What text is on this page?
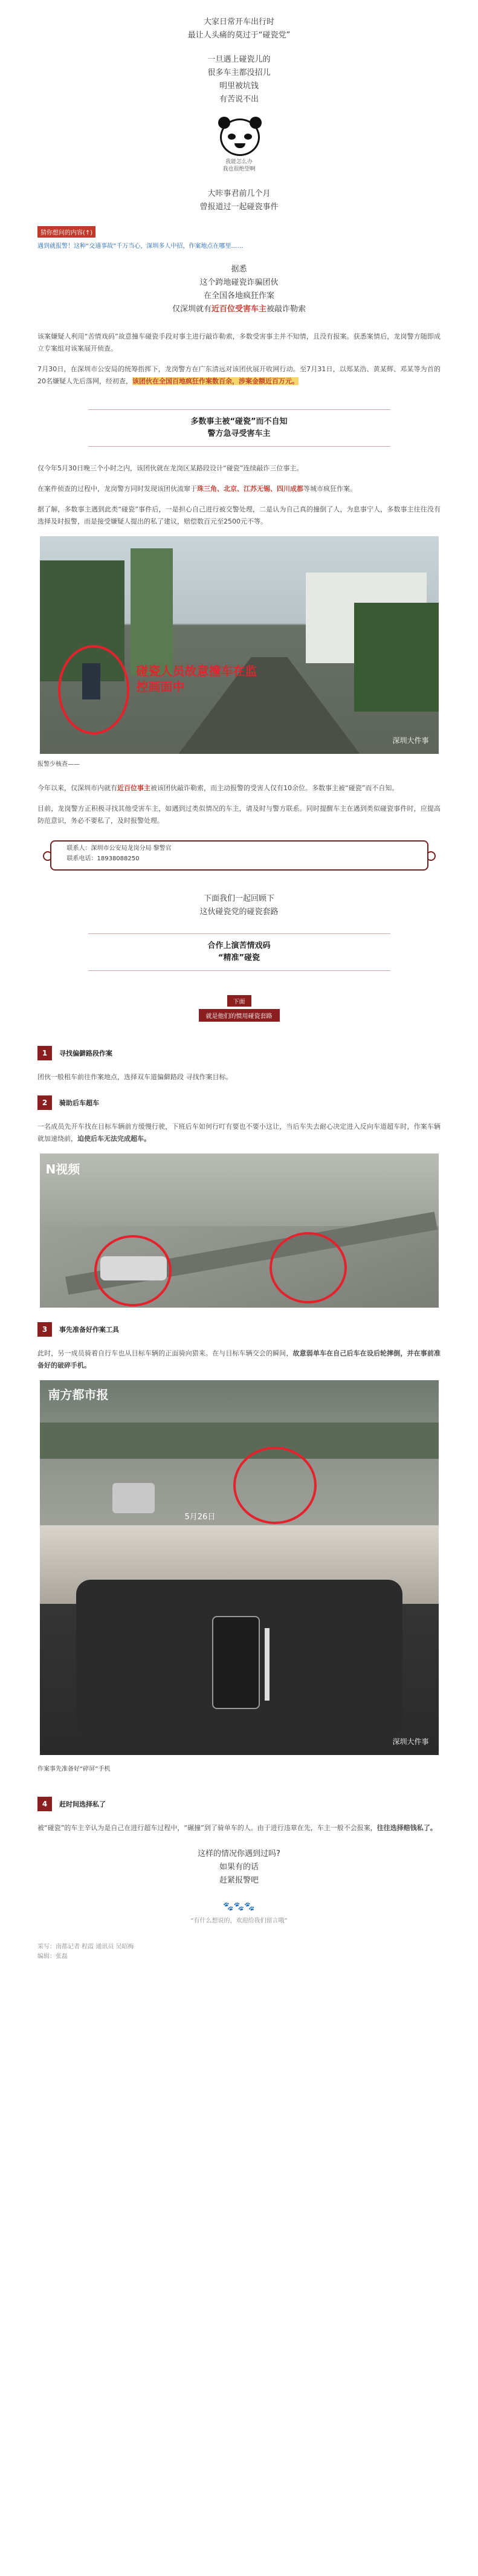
大家日常开车出行时

最让人头痛的莫过于“碰瓷党”

一旦遇上碰瓷儿的

很多车主都没招儿

明里被坑钱

有苦说不出

我能怎么办
我也很绝望啊

大咔事君前几个月

曾报道过一起碰瓷事件

猜你想问的内容(↑)
遇到就报警！这种“交通事故”千万当心，深圳多人中招，作案地点在哪里……

据悉

这个跨地碰瓷诈骗团伙

在全国各地疯狂作案

仅深圳就有近百位受害车主被敲诈勒索

该案嫌疑人利用“苦情戏码”故意撞车碰瓷手段对事主进行敲诈勒索，多数受害事主并不知情，且没有报案。获悉案情后，龙岗警方随即成立专案组对该案展开侦查。

7月30日，在深圳市公安局的统筹指挥下，龙岗警方在广东清远对该团伙展开收网行动。至7月31日，以郑某浩、黄某辉、邓某等为首的20名嫌疑人先后落网，经初查，该团伙在全国百地疯狂作案数百余，涉案金额近百万元。

多数事主被“碰瓷”而不自知
警方急寻受害车主

仅今年5月30日晚三个小时之内，该团伙就在龙岗区某路段设计“碰瓷”连续敲诈三位事主。

在案件侦查的过程中，龙岗警方同时发现该团伙流窜于珠三角、北京、江苏无锡、四川成都等城市疯狂作案。

据了解，多数事主遇到此类“碰瓷”事件后，一是担心自己进行被交警处理，二是认为自己真的撞倒了人，为息事宁人，多数事主往往没有选择及时报警，而是接受嫌疑人提出的私了建议，赔偿数百元至2500元不等。

碰瓷人员故意撞车在监
控画面中
深圳大件事
报警少核查——

今年以来，仅深圳市内就有近百位事主被该团伙敲诈勒索，而主动报警的受害人仅有10余位。多数事主被“碰瓷”而不自知。

目前，龙岗警方正积极寻找其他受害车主，如遇到过类似情况的车主，请及时与警方联系。同时提醒车主在遇到类似碰瓷事件时，应提高防范意识，务必不要私了，及时报警处理。

联系人：深圳市公安局龙岗分局 黎警官
联系电话：18938088250

下面我们一起回顾下

这伙碰瓷党的碰瓷套路

合作上演苦情戏码
“精准”碰瓷
下面
就是他们的惯用碰瓷套路
1	寻找偏僻路段作案

团伙一般租车前往作案地点，选择双车道偏僻路段 寻找作案目标。

2	骑助后车超车

一名成员先开车找在目标车辆前方缓慢行驶，下班后车如何行叮有要也不要小这让，当后车失去耐心决定进入反向车道超车时，作案车辆就加速绕前，迫使后车无法完成超车。

N视频
3	事先准备好作案工具

此时，另一成员骑着自行车也从目标车辆的正面骑向猎来。在与目标车辆交会的瞬间，故意弱单车在自己后车在设后轮摔倒，并在事前准备好的破碎手机。

南方都市报
5月26日
深圳大件事
作案事先准备好“碎屏”手机
4	赶时间选择私了

被“碰瓷”的车主辛认为是自己在进行超车过程中，“碾撞”到了骑单车的人。由于进行违章在先，车主一般不会报案，往往选择赔钱私了。

这样的情况你遇到过吗?

如果有的话

赶紧报警吧

🐾🐾🐾
“有什么想说的，欢迎给我们留言哦”
采写：南都记者 程霞 通讯员 吴昭梅
编辑：张磊
